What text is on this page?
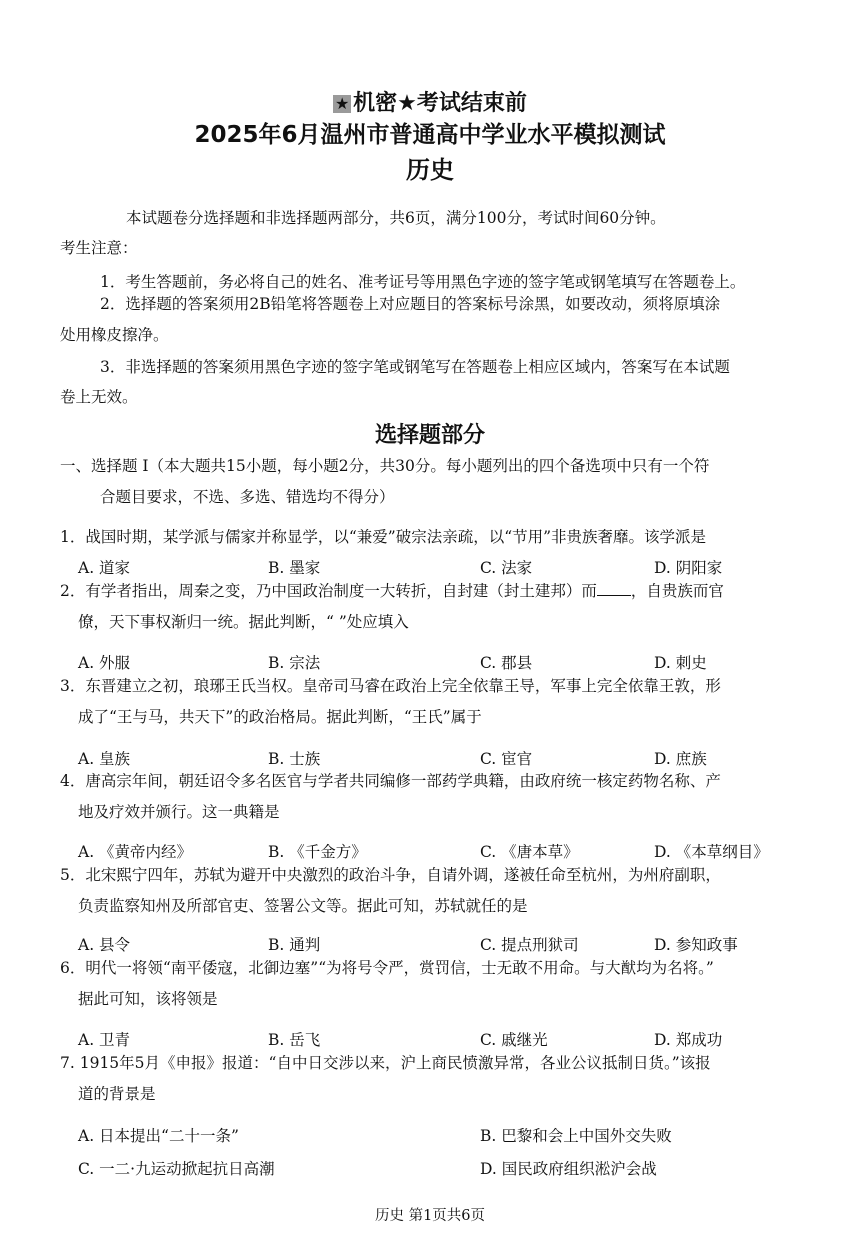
★ 机密★考试结束前
2025年6月温州市普通高中学业水平模拟测试
历史
本试题卷分选择题和非选择题两部分，共6页，满分100分，考试时间60分钟。
考生注意：
1．考生答题前，务必将自己的姓名、准考证号等用黑色字迹的签字笔或钢笔填写在答题卷上。
2．选择题的答案须用2B铅笔将答题卷上对应题目的答案标号涂黑，如要改动，须将原填涂
处用橡皮擦净。
3．非选择题的答案须用黑色字迹的签字笔或钢笔写在答题卷上相应区域内，答案写在本试题
卷上无效。
选择题部分
一、选择题 I（本大题共15小题，每小题2分，共30分。每小题列出的四个备选项中只有一个符
合题目要求，不选、多选、错选均不得分）
1．战国时期，某学派与儒家并称显学，以“兼爱”破宗法亲疏，以“节用”非贵族奢靡。该学派是
A. 道家	B. 墨家	C. 法家	D. 阴阳家
2．有学者指出，周秦之变，乃中国政治制度一大转折，自封建（封土建邦）而 ，自贵族而官
僚，天下事权渐归一统。据此判断，“ ”处应填入
A. 外服	B. 宗法	C. 郡县	D. 刺史
3．东晋建立之初，琅琊王氏当权。皇帝司马睿在政治上完全依靠王导，军事上完全依靠王敦，形
成了“王与马，共天下”的政治格局。据此判断，“王氏”属于
A. 皇族	B. 士族	C. 宦官	D. 庶族
4．唐高宗年间，朝廷诏令多名医官与学者共同编修一部药学典籍，由政府统一核定药物名称、产
地及疗效并颁行。这一典籍是
A. 《黄帝内经》	B. 《千金方》	C. 《唐本草》	D. 《本草纲目》
5．北宋熙宁四年，苏轼为避开中央激烈的政治斗争，自请外调，遂被任命至杭州，为州府副职，
负责监察知州及所部官吏、签署公文等。据此可知，苏轼就任的是
A. 县令	B. 通判	C. 提点刑狱司	D. 参知政事
6．明代一将领“南平倭寇，北御边塞”“为将号令严，赏罚信，士无敢不用命。与大猷均为名将。”
据此可知，该将领是
A. 卫青	B. 岳飞	C. 戚继光	D. 郑成功
7. 1915年5月《申报》报道：“自中日交涉以来，沪上商民愤激异常，各业公议抵制日货。”该报
道的背景是
A. 日本提出“二十一条”	B. 巴黎和会上中国外交失败
C. 一二·九运动掀起抗日高潮	D. 国民政府组织淞沪会战
历史 第1页共6页
